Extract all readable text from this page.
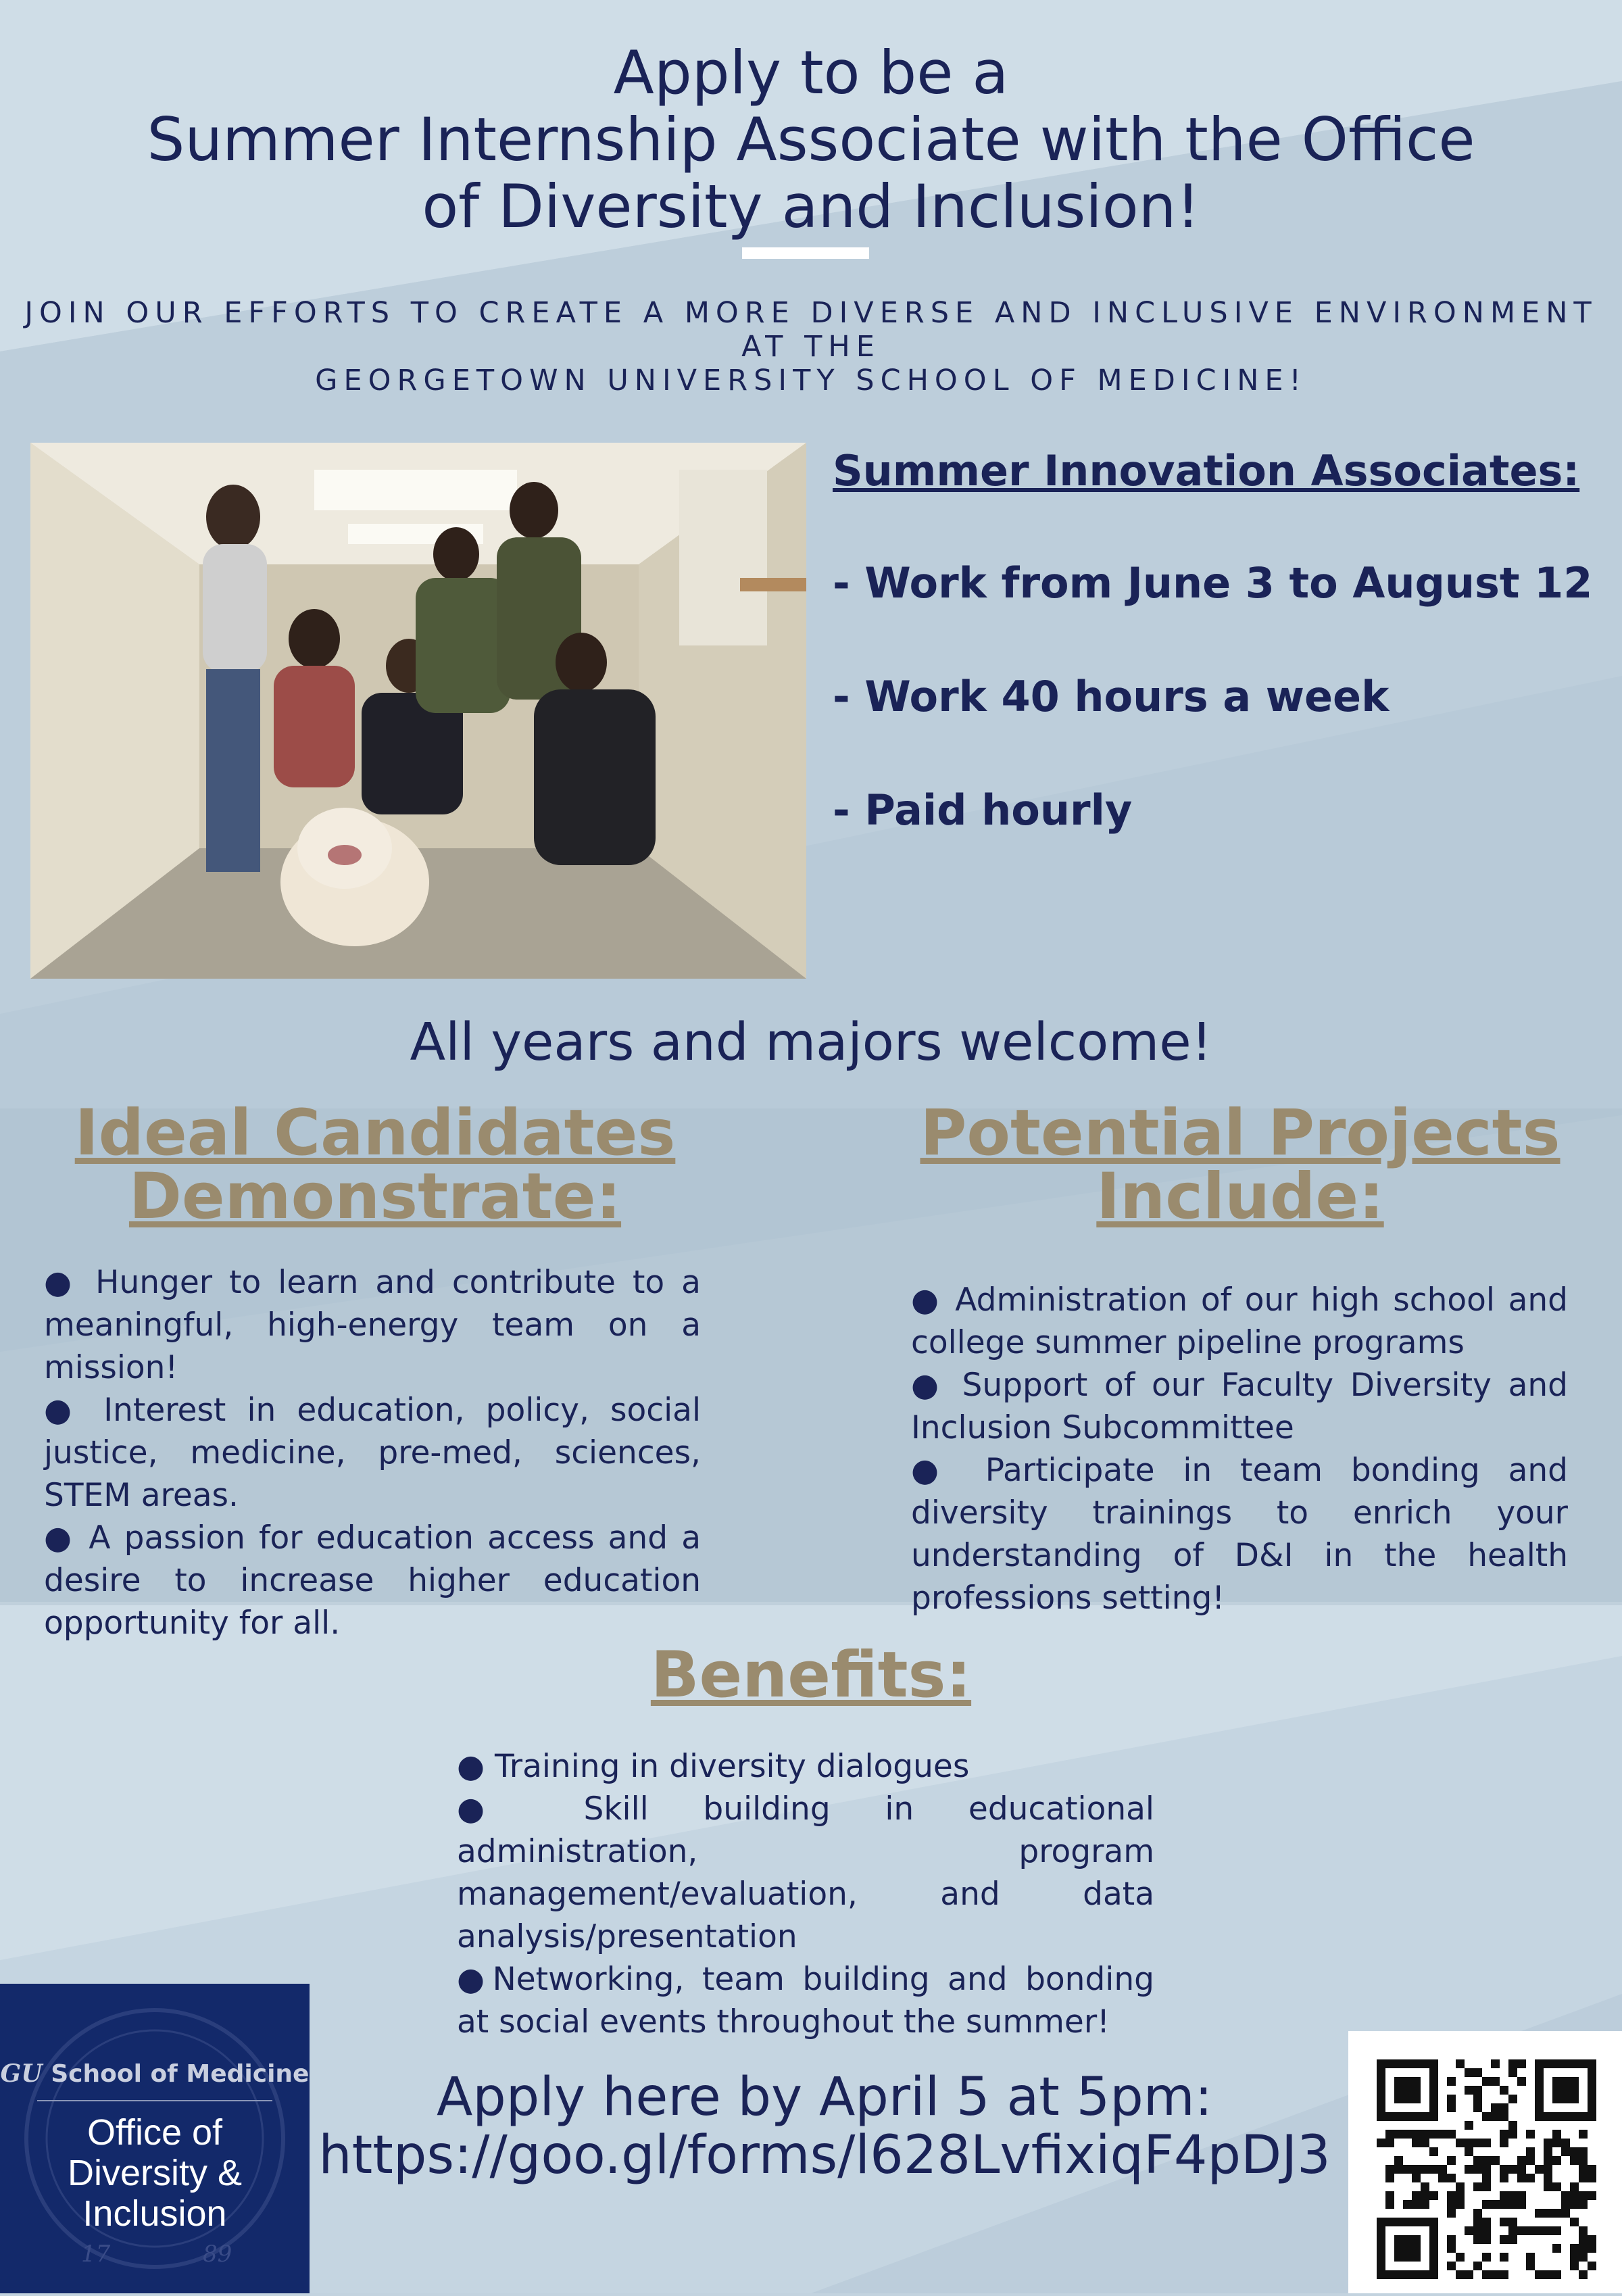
Apply to be a
Summer Internship Associate with the Office
of Diversity and Inclusion!
JOIN OUR EFFORTS TO CREATE A MORE DIVERSE AND INCLUSIVE ENVIRONMENT AT THE
GEORGETOWN UNIVERSITY SCHOOL OF MEDICINE!
Summer Innovation Associates:
- Work from June 3 to August 12
- Work 40 hours a week
- Paid hourly
All years and majors welcome!
Ideal Candidates
Demonstrate:
Potential Projects
Include:

● Hunger to learn and contribute to a meaningful, high-energy team on a mission!

● Interest in education, policy, social justice, medicine, pre-med, sciences, STEM areas.

● A passion for education access and a desire to increase higher education opportunity for all.

● Administration of our high school and college summer pipeline programs

● Support of our Faculty Diversity and Inclusion Subcommittee

● Participate in team bonding and diversity trainings to enrich your understanding of D&I in the health professions setting!

Benefits:

● Training in diversity dialogues

● Skill building in educational administration, program management/evaluation, and data analysis/presentation

●Networking, team building and bonding at social events throughout the summer!

Apply here by April 5 at 5pm:
https://goo.gl/forms/l628LvfixiqF4pDJ3
GU School of Medicine
Office of
Diversity &
Inclusion
17	89
